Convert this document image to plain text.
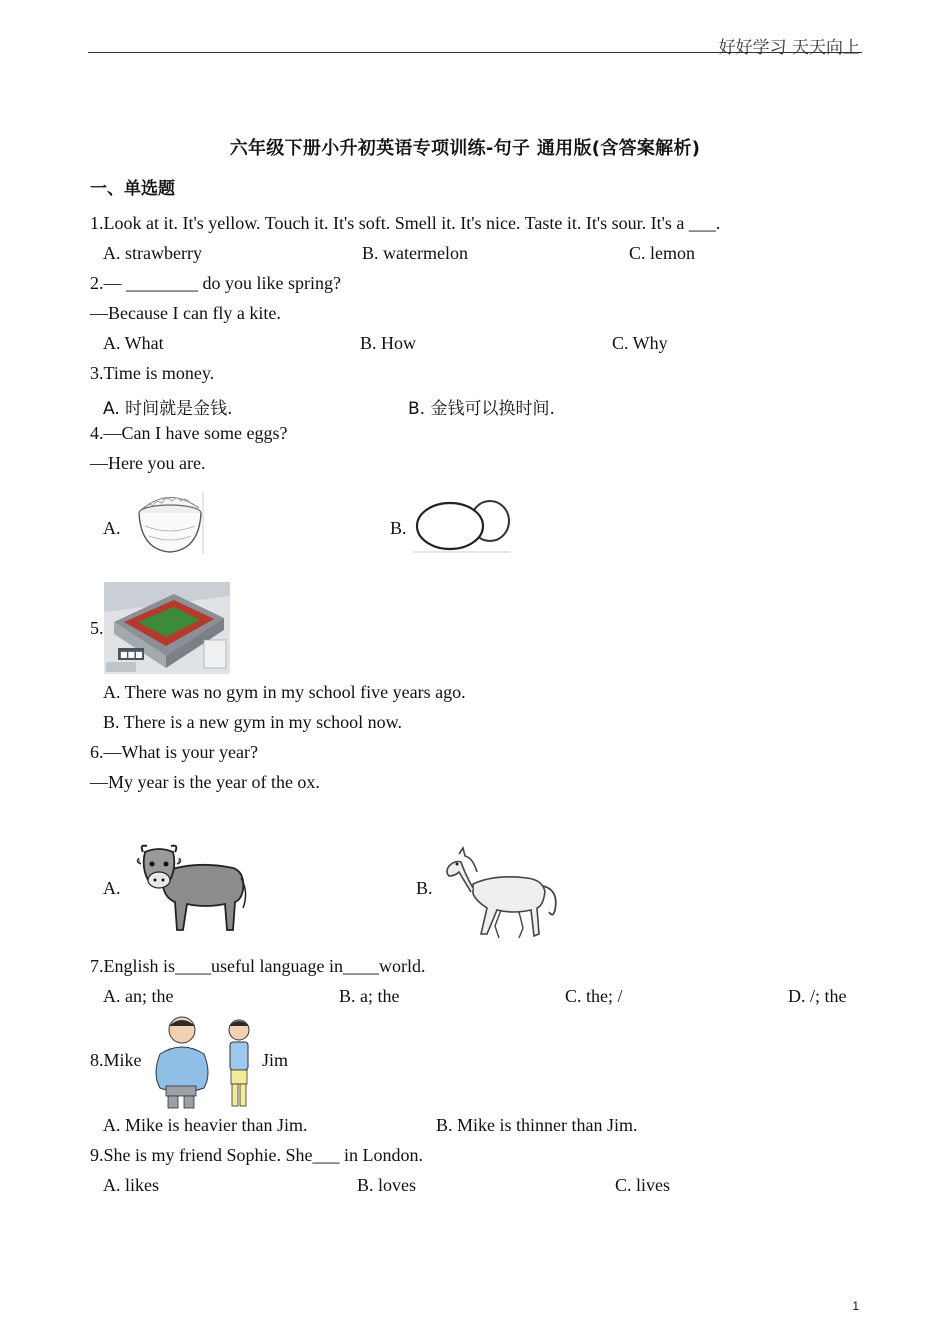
好好学习 天天向上
六年级下册小升初英语专项训练-句子 通用版(含答案解析)
一、单选题
1.Look at it. It's yellow. Touch it. It's soft. Smell it. It's nice. Taste it. It's sour. It's a ___.
A. strawberry	B. watermelon	C. lemon
2.— ________ do you like spring?
—Because I can fly a kite.
A. What	B. How	C. Why
3.Time is money.
A. 时间就是金钱.	B. 金钱可以换时间.
4.—Can I have some eggs?
—Here you are.
A.	B.
5.
■■■
A. There was no gym in my school five years ago.
B. There is a new gym in my school now.
6.—What is your year?
—My year is the year of the ox.
A.	B.
7.English is____useful language in____world.
A. an; the	B. a; the	C. the; /	D. /; the
8.Mike	Jim
A. Mike is heavier than Jim.	B. Mike is thinner than Jim.
9.She is my friend Sophie. She___ in London.
A. likes	B. loves	C. lives
1
